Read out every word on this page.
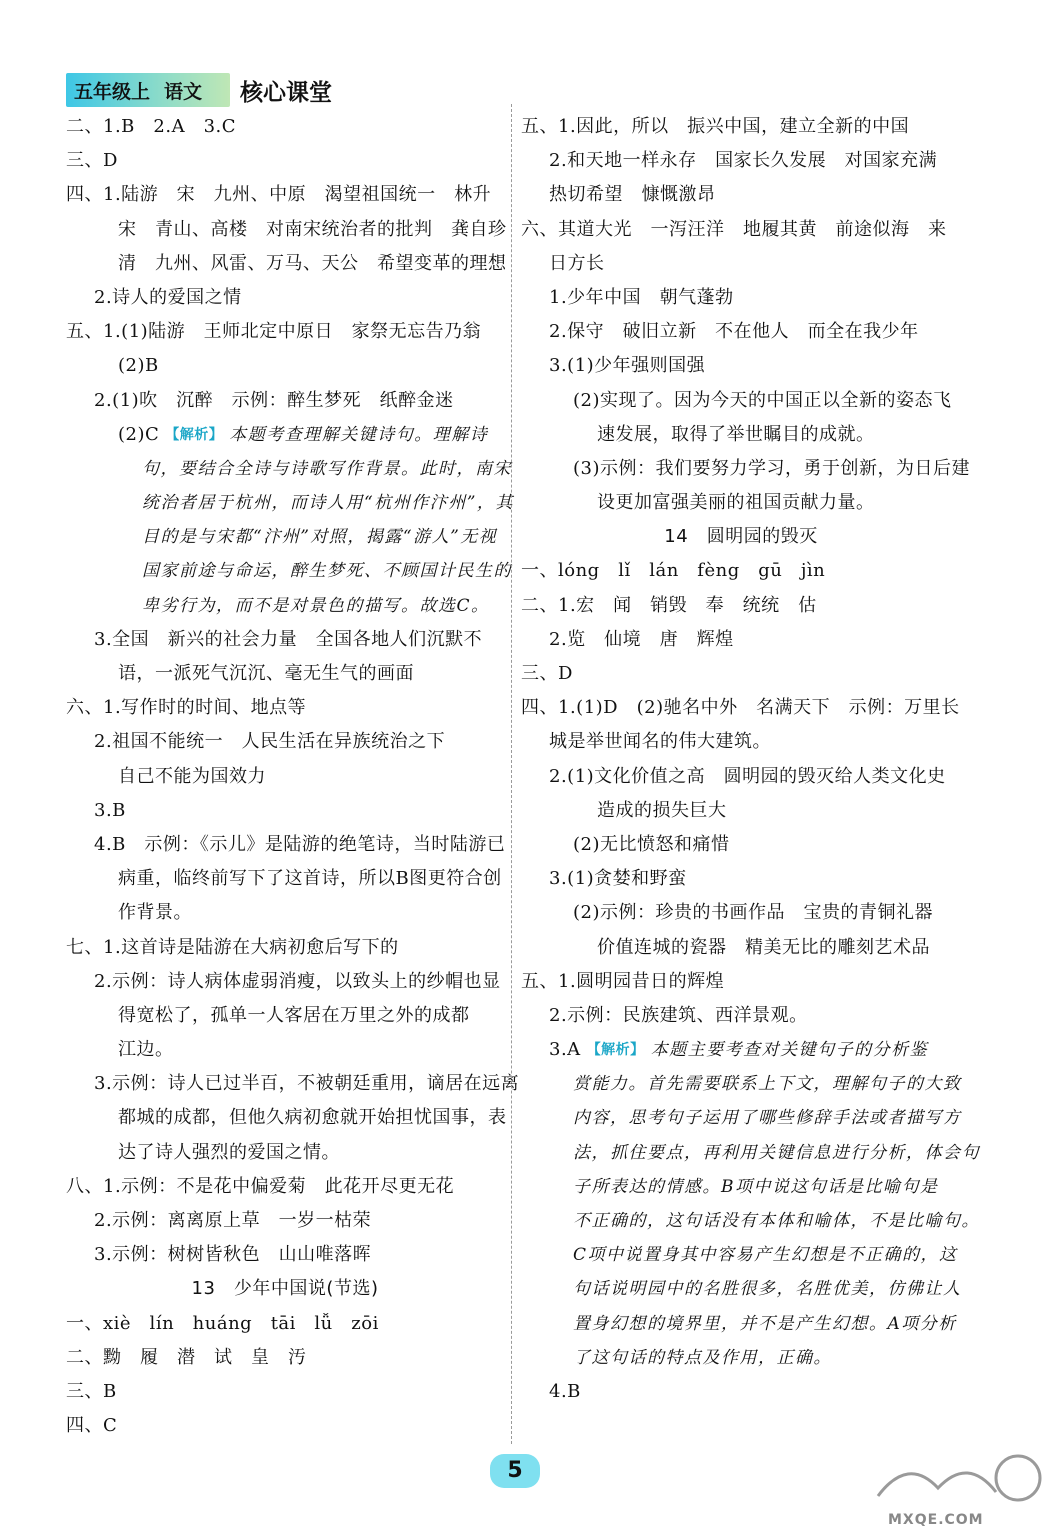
五年级上 语文 核心课堂
二、1.B　2.A　3.C
三、D
四、1.陆游　宋　九州、中原　渴望祖国统一　林升
宋　青山、高楼　对南宋统治者的批判　龚自珍
清　九州、风雷、万马、天公　希望变革的理想
2.诗人的爱国之情
五、1.(1)陆游　王师北定中原日　家祭无忘告乃翁
(2)B
2.(1)吹　沉醉　示例：醉生梦死　纸醉金迷
(2)C 【解析】 本题考查理解关键诗句。理解诗
句，要结合全诗与诗歌写作背景。此时，南宋
统治者居于杭州，而诗人用“杭州作汴州”，其
目的是与宋都“汴州”对照，揭露“游人”无视
国家前途与命运，醉生梦死、不顾国计民生的
卑劣行为，而不是对景色的描写。故选C。
3.全国　新兴的社会力量　全国各地人们沉默不
语，一派死气沉沉、毫无生气的画面
六、1.写作时的时间、地点等
2.祖国不能统一　人民生活在异族统治之下
自己不能为国效力
3.B
4.B　示例：《示儿》是陆游的绝笔诗，当时陆游已
病重，临终前写下了这首诗，所以B图更符合创
作背景。
七、1.这首诗是陆游在大病初愈后写下的
2.示例：诗人病体虚弱消瘦，以致头上的纱帽也显
得宽松了，孤单一人客居在万里之外的成都
江边。
3.示例：诗人已过半百，不被朝廷重用，谪居在远离
都城的成都，但他久病初愈就开始担忧国事，表
达了诗人强烈的爱国之情。
八、1.示例：不是花中偏爱菊　此花开尽更无花
2.示例：离离原上草　一岁一枯荣
3.示例：树树皆秋色　山山唯落晖
13　少年中国说(节选)
一、xiè　lín　huáng　tāi　lǚ　zōi
二、黝　履　潜　试　皇　汚
三、B
四、C
五、1.因此，所以　振兴中国，建立全新的中国
2.和天地一样永存　国家长久发展　对国家充满
热切希望　慷慨激昂
六、其道大光　一泻汪洋　地履其黄　前途似海　来
日方长
1.少年中国　朝气蓬勃
2.保守　破旧立新　不在他人　而全在我少年
3.(1)少年强则国强
(2)实现了。因为今天的中国正以全新的姿态飞
速发展，取得了举世瞩目的成就。
(3)示例：我们要努力学习，勇于创新，为日后建
设更加富强美丽的祖国贡献力量。
14　圆明园的毁灭
一、lóng　lǐ　lán　fèng　gū　jìn
二、1.宏　闻　销毁　奉　统统　估
2.览　仙境　唐　辉煌
三、D
四、1.(1)D　(2)驰名中外　名满天下　示例：万里长
城是举世闻名的伟大建筑。
2.(1)文化价值之高　圆明园的毁灭给人类文化史
造成的损失巨大
(2)无比愤怒和痛惜
3.(1)贪婪和野蛮
(2)示例：珍贵的书画作品　宝贵的青铜礼器
价值连城的瓷器　精美无比的雕刻艺术品
五、1.圆明园昔日的辉煌
2.示例：民族建筑、西洋景观。
3.A 【解析】 本题主要考查对关键句子的分析鉴
赏能力。首先需要联系上下文，理解句子的大致
内容，思考句子运用了哪些修辞手法或者描写方
法，抓住要点，再利用关键信息进行分析，体会句
子所表达的情感。B项中说这句话是比喻句是
不正确的，这句话没有本体和喻体，不是比喻句。
C项中说置身其中容易产生幻想是不正确的，这
句话说明园中的名胜很多，名胜优美，仿佛让人
置身幻想的境界里，并不是产生幻想。A项分析
了这句话的特点及作用，正确。
4.B
5
MXQE.COM
